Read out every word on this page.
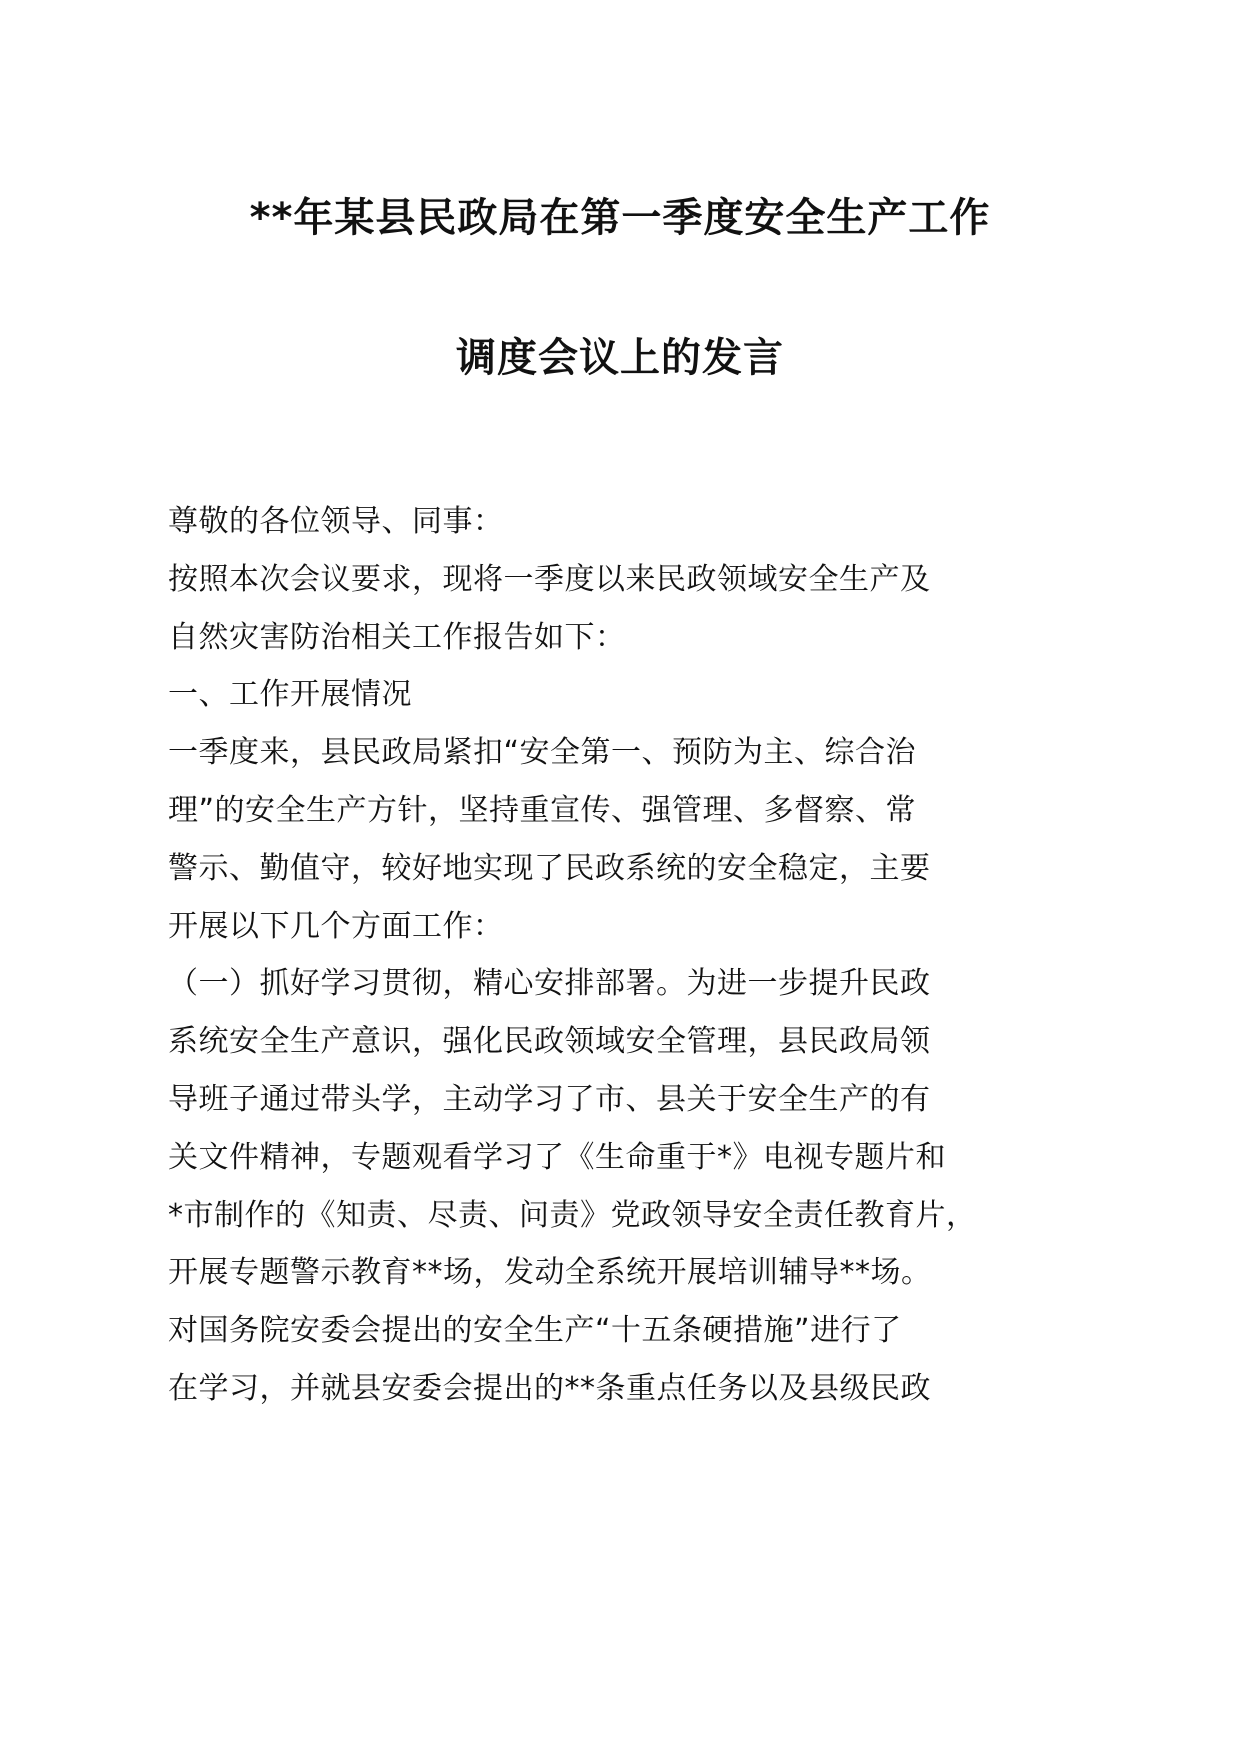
**年某县民政局在第一季度安全生产工作
调度会议上的发言
尊敬的各位领导、同事：
按照本次会议要求，现将一季度以来民政领域安全生产及
自然灾害防治相关工作报告如下：
一、工作开展情况
一季度来，县民政局紧扣“安全第一、预防为主、综合治
理”的安全生产方针，坚持重宣传、强管理、多督察、常
警示、勤值守，较好地实现了民政系统的安全稳定，主要
开展以下几个方面工作：
（一）抓好学习贯彻，精心安排部署。为进一步提升民政
系统安全生产意识，强化民政领域安全管理，县民政局领
导班子通过带头学，主动学习了市、县关于安全生产的有
关文件精神，专题观看学习了《生命重于*》电视专题片和
*市制作的《知责、尽责、问责》党政领导安全责任教育片，
开展专题警示教育**场，发动全系统开展培训辅导**场。
对国务院安委会提出的安全生产“十五条硬措施”进行了
在学习，并就县安委会提出的**条重点任务以及县级民政
